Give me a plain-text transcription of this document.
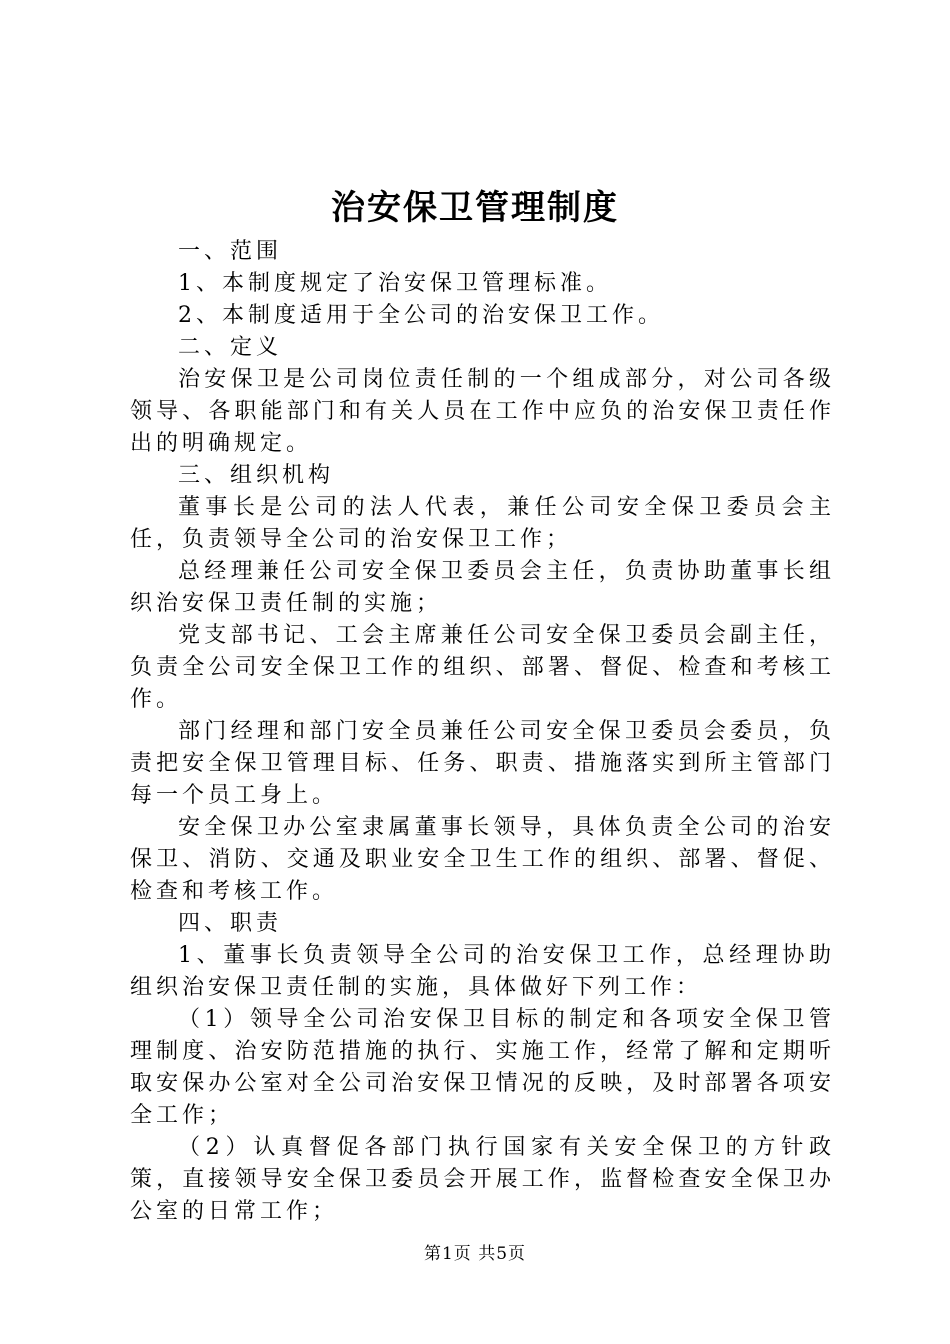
治安保卫管理制度

一、范围

1、本制度规定了治安保卫管理标准。

2、本制度适用于全公司的治安保卫工作。

二、定义

治安保卫是公司岗位责任制的一个组成部分，对公司各级领导、各职能部门和有关人员在工作中应负的治安保卫责任作出的明确规定。

三、组织机构

董事长是公司的法人代表，兼任公司安全保卫委员会主任，负责领导全公司的治安保卫工作；

总经理兼任公司安全保卫委员会主任，负责协助董事长组织治安保卫责任制的实施；

党支部书记、工会主席兼任公司安全保卫委员会副主任，负责全公司安全保卫工作的组织、部署、督促、检查和考核工作。

部门经理和部门安全员兼任公司安全保卫委员会委员，负责把安全保卫管理目标、任务、职责、措施落实到所主管部门每一个员工身上。

安全保卫办公室隶属董事长领导，具体负责全公司的治安保卫、消防、交通及职业安全卫生工作的组织、部署、督促、检查和考核工作。

四、职责

1、董事长负责领导全公司的治安保卫工作，总经理协助组织治安保卫责任制的实施，具体做好下列工作：

（1）领导全公司治安保卫目标的制定和各项安全保卫管理制度、治安防范措施的执行、实施工作，经常了解和定期听取安保办公室对全公司治安保卫情况的反映，及时部署各项安全工作；

（2）认真督促各部门执行国家有关安全保卫的方针政策，直接领导安全保卫委员会开展工作，监督检查安全保卫办公室的日常工作；

第1页 共5页
